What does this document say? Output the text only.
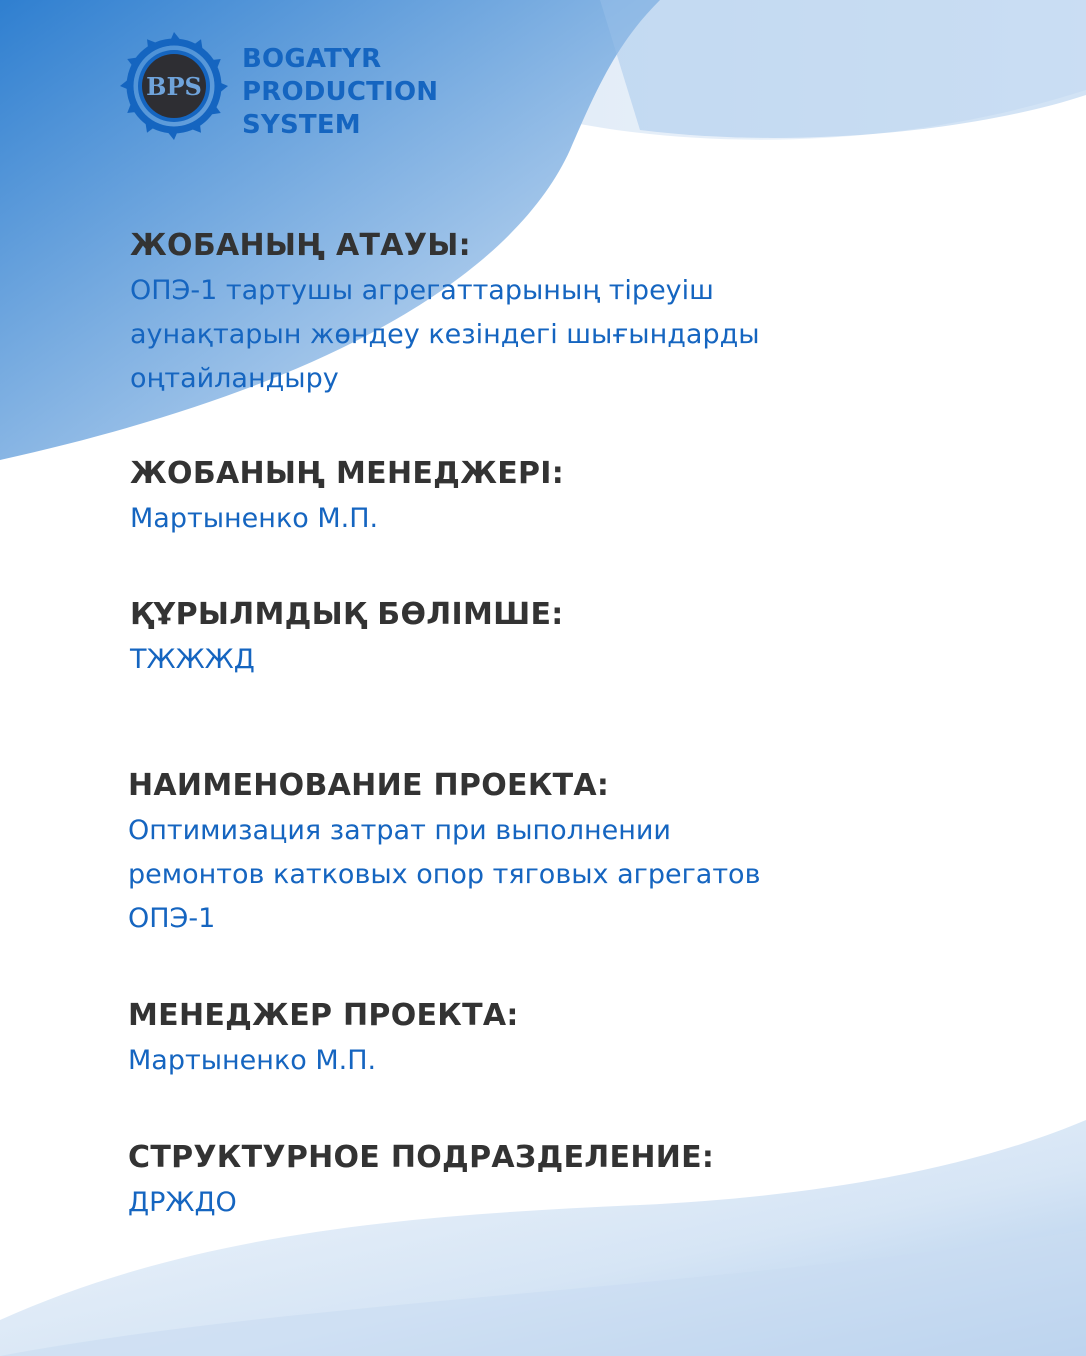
BPS
BOGATYR
PRODUCTION
SYSTEM
ЖОБАНЫҢ АТАУЫ:
ОПЭ-1 тартушы агрегаттарының тіреуіш
аунақтарын жөндеу кезіндегі шығындарды
оңтайландыру
ЖОБАНЫҢ МЕНЕДЖЕРІ:
Мартыненко М.П.
ҚҰРЫЛМДЫҚ БӨЛІМШЕ:
ТЖЖЖД
НАИМЕНОВАНИЕ ПРОЕКТА:
Оптимизация затрат при выполнении
ремонтов катковых опор тяговых агрегатов
ОПЭ-1
МЕНЕДЖЕР ПРОЕКТА:
Мартыненко М.П.
СТРУКТУРНОЕ ПОДРАЗДЕЛЕНИЕ:
ДРЖДО
